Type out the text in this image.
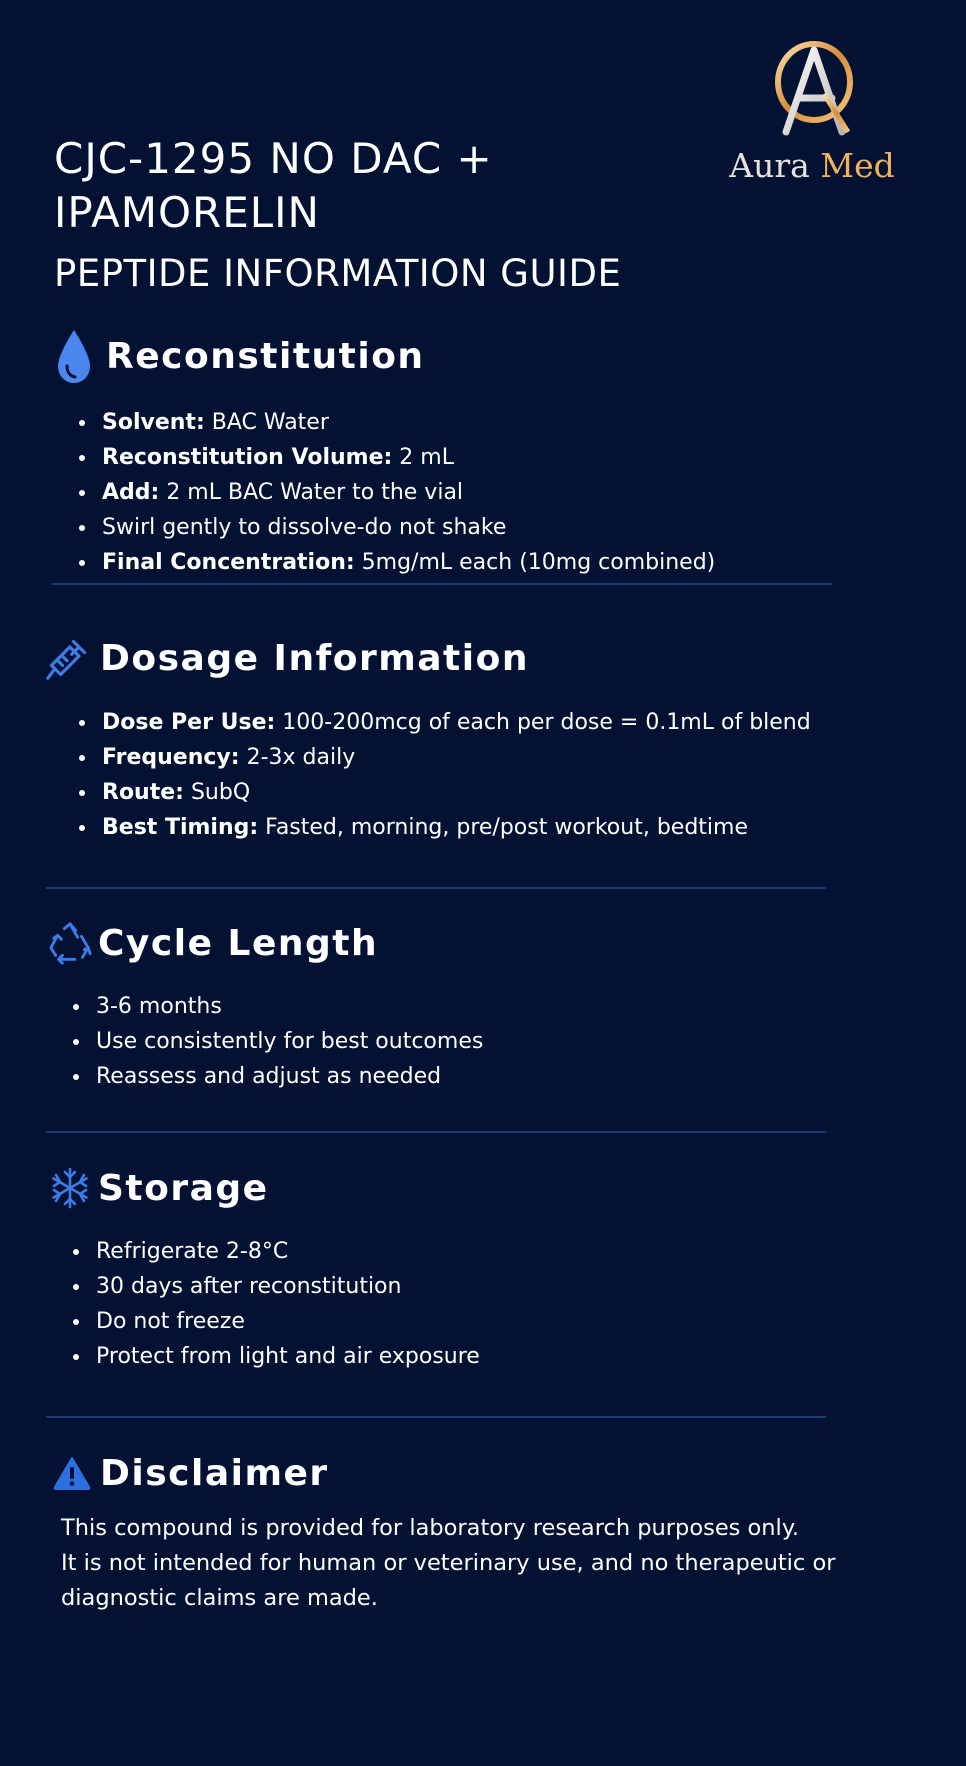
CJC-1295 NO DAC +
IPAMORELIN
PEPTIDE INFORMATION GUIDE
Aura Med
Reconstitution
Solvent: BAC Water
Reconstitution Volume: 2 mL
Add: 2 mL BAC Water to the vial
Swirl gently to dissolve-do not shake
Final Concentration: 5mg/mL each (10mg combined)
Dosage Information
Dose Per Use: 100-200mcg of each per dose = 0.1mL of blend
Frequency: 2-3x daily
Route: SubQ
Best Timing: Fasted, morning, pre/post workout, bedtime
Cycle Length
3-6 months
Use consistently for best outcomes
Reassess and adjust as needed
Storage
Refrigerate 2-8°C
30 days after reconstitution
Do not freeze
Protect from light and air exposure
Disclaimer

This compound is provided for laboratory research purposes only.
It is not intended for human or veterinary use, and no therapeutic or
diagnostic claims are made.
